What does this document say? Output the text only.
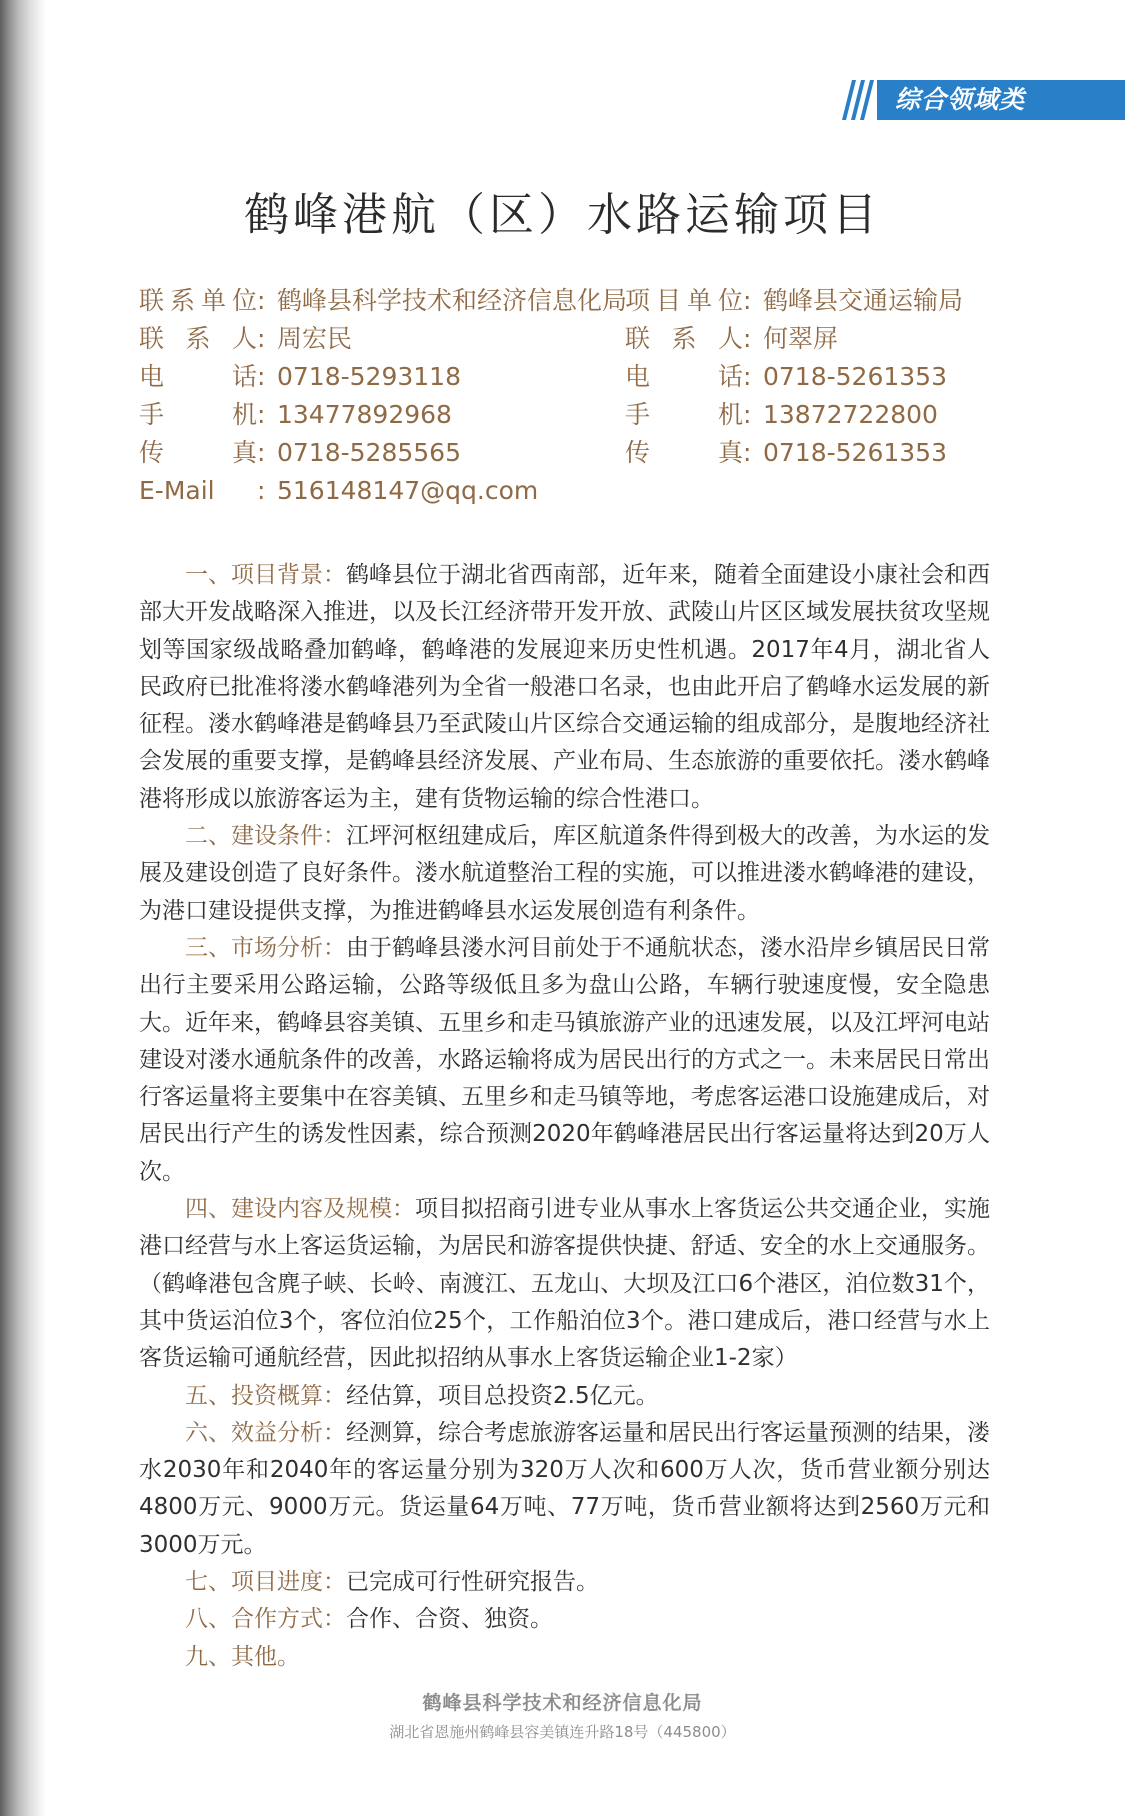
综合领域类
鹤峰港航（区）水路运输项目
联系单位: 鹤峰县科学技术和经济信息化局
项目单位: 鹤峰县交通运输局
联系人: 周宏民	联系人: 何翠屏
电话: 0718-5293118	电话: 0718-5261353
手机: 13477892968	手机: 13872722800
传真: 0718-5285565	传真: 0718-5261353
E-Mail : 516148147@qq.com

一、项目背景：鹤峰县位于湖北省西南部，近年来，随着全面建设小康社会和西部大开发战略深入推进，以及长江经济带开发开放、武陵山片区区域发展扶贫攻坚规划等国家级战略叠加鹤峰，鹤峰港的发展迎来历史性机遇。2017年4月，湖北省人民政府已批准将溇水鹤峰港列为全省一般港口名录，也由此开启了鹤峰水运发展的新征程。溇水鹤峰港是鹤峰县乃至武陵山片区综合交通运输的组成部分，是腹地经济社会发展的重要支撑，是鹤峰县经济发展、产业布局、生态旅游的重要依托。溇水鹤峰港将形成以旅游客运为主，建有货物运输的综合性港口。

二、建设条件：江坪河枢纽建成后，库区航道条件得到极大的改善，为水运的发展及建设创造了良好条件。溇水航道整治工程的实施，可以推进溇水鹤峰港的建设，为港口建设提供支撑，为推进鹤峰县水运发展创造有利条件。

三、市场分析：由于鹤峰县溇水河目前处于不通航状态，溇水沿岸乡镇居民日常出行主要采用公路运输，公路等级低且多为盘山公路，车辆行驶速度慢，安全隐患大。近年来，鹤峰县容美镇、五里乡和走马镇旅游产业的迅速发展，以及江坪河电站建设对溇水通航条件的改善，水路运输将成为居民出行的方式之一。未来居民日常出行客运量将主要集中在容美镇、五里乡和走马镇等地，考虑客运港口设施建成后，对居民出行产生的诱发性因素，综合预测2020年鹤峰港居民出行客运量将达到20万人次。

四、建设内容及规模：项目拟招商引进专业从事水上客货运公共交通企业，实施港口经营与水上客运货运输，为居民和游客提供快捷、舒适、安全的水上交通服务。（鹤峰港包含麂子峡、长岭、南渡江、五龙山、大坝及江口6个港区，泊位数31个，其中货运泊位3个，客位泊位25个，工作船泊位3个。港口建成后，港口经营与水上客货运输可通航经营，因此拟招纳从事水上客货运输企业1-2家）

五、投资概算：经估算，项目总投资2.5亿元。

六、效益分析：经测算，综合考虑旅游客运量和居民出行客运量预测的结果，溇水2030年和2040年的客运量分别为320万人次和600万人次，货币营业额分别达4800万元、9000万元。货运量64万吨、77万吨，货币营业额将达到2560万元和3000万元。

七、项目进度：已完成可行性研究报告。

八、合作方式：合作、合资、独资。

九、其他。

鹤峰县科学技术和经济信息化局
湖北省恩施州鹤峰县容美镇连升路18号（445800）
